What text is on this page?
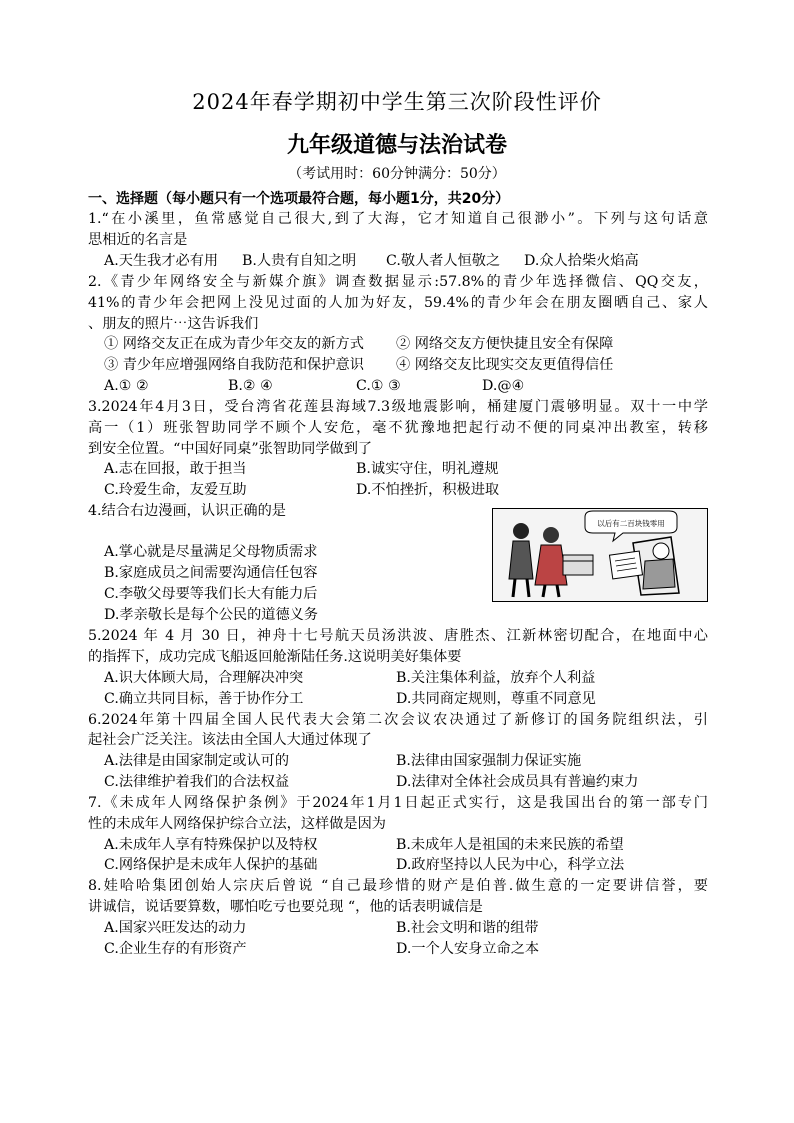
2024年春学期初中学生第三次阶段性评价
九年级道德与法治试卷
（考试用时：60分钟满分：50分）
一、选择题（每小题只有一个选项最符合题，每小题1分，共20分）
1.“在小溪里，鱼常感觉自己很大,到了大海，它才知道自己很渺小”。下列与这句话意
思相近的名言是
A.天生我才必有用 B.人贵有自知之明 C.敬人者人恒敬之 D.众人拾柴火焰高
2.《青少年网络安全与新媒介旗》调查数据显示:57.8%的青少年选择微信、QQ交友，
41%的青少年会把网上没见过面的人加为好友，59.4%的青少年会在朋友圈晒自己、家人
、朋友的照片⋯这告诉我们
① 网络交友正在成为青少年交友的新方式 ② 网络交友方便快捷且安全有保障
③ 青少年应增强网络自我防范和保护意识 ④ 网络交友比现实交友更值得信任
A.① ②	B.② ④	C.① ③	D.@④
3.2024年4月3日，受台湾省花莲县海域7.3级地震影响，桶建厦门震够明显。双十一中学
高一（1）班张智助同学不顾个人安危，毫不犹豫地把起行动不便的同桌冲出教室，转移
到安全位置。“中国好同桌”张智助同学做到了
A.志在回报，敢于担当	B.诚实守住，明礼遵规
C.玲爱生命，友爱互助	D.不怕挫折，积极进取
4.结合右边漫画，认识正确的是
A.掌心就是尽量满足父母物质需求
B.家庭成员之间需要沟通信任包容
C.李敬父母要等我们长大有能力后
D.孝亲敬长是每个公民的道德义务
以后有二百块钱零用
5.2024 年 4 月 30 日，神舟十七号航天员汤洪波、唐胜杰、江新林密切配合，在地面中心
的指挥下，成功完成飞船返回舱渐陆任务.这说明美好集体要
A.识大体顾大局，合理解决冲突	B.关注集体利益，放弃个人利益
C.确立共同目标，善于协作分工	D.共同商定规则，尊重不同意见
6.2024年第十四届全国人民代表大会第二次会议农决通过了新修订的国务院组织法，引
起社会广泛关注。该法由全国人大通过体现了
A.法律是由国家制定或认可的	B.法律由国家强制力保证实施
C.法律维护着我们的合法权益	D.法律对全体社会成员具有普遍约束力
7.《未成年人网络保护条例》于2024年1月1日起正式实行，这是我国出台的第一部专门
性的未成年人网络保护综合立法，这样做是因为
A.未成年人享有特殊保护以及特权	B.未成年人是祖国的未来民族的希望
C.网络保护是未成年人保护的基础	D.政府坚持以人民为中心，科学立法
8.娃哈哈集团创始人宗庆后曾说 “自己最珍惜的财产是伯普.做生意的一定要讲信誉，要
讲诚信，说话要算数，哪怕吃亏也要兑现 “，他的话表明诚信是
A.国家兴旺发达的动力	B.社会文明和谐的组带
C.企业生存的有形资产	D.一个人安身立命之本
